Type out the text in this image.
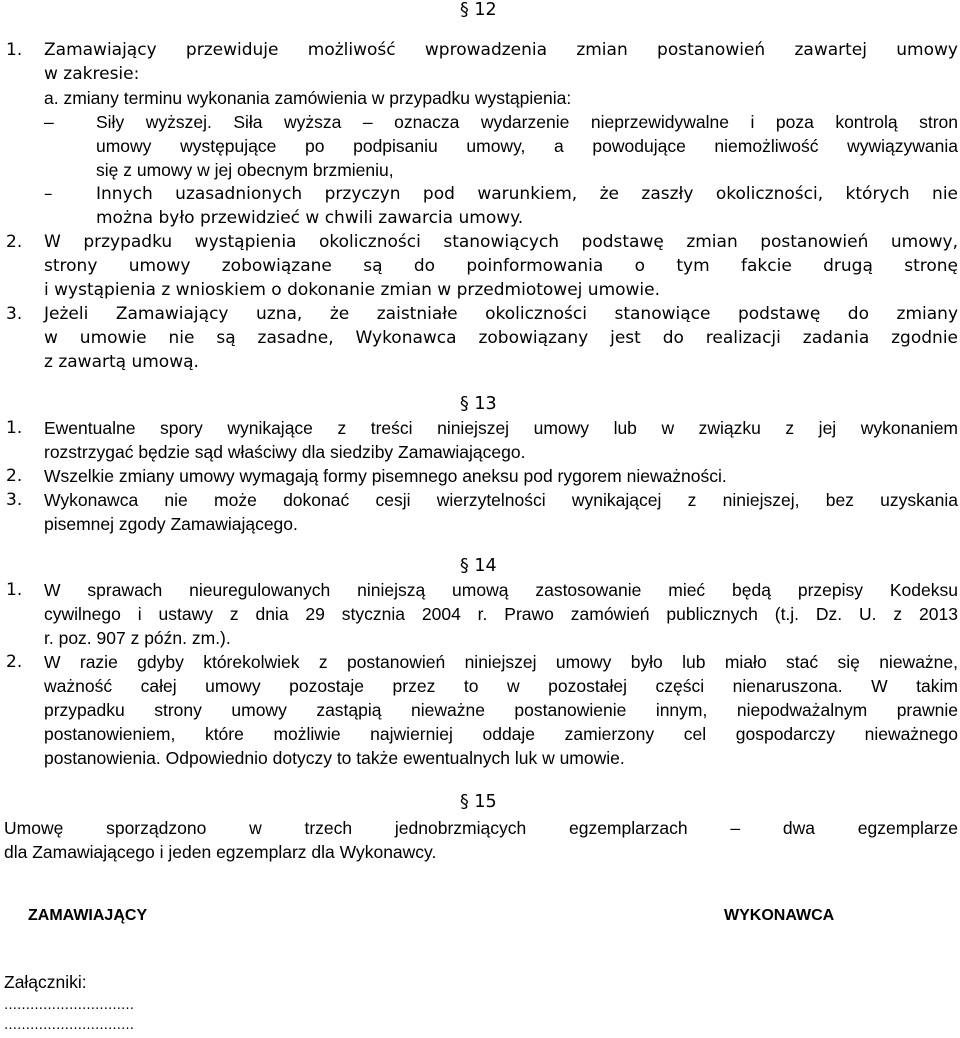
§ 12
1. Zamawiający przewiduje możliwość wprowadzenia zmian postanowień zawartej umowy
w zakresie:
a. zmiany terminu wykonania zamówienia w przypadku wystąpienia:
– Siły wyższej. Siła wyższa – oznacza wydarzenie nieprzewidywalne i poza kontrolą stron
umowy występujące po podpisaniu umowy, a powodujące niemożliwość wywiązywania
się z umowy w jej obecnym brzmieniu,
–	Innych uzasadnionych przyczyn pod warunkiem, że zaszły okoliczności, których nie
można było przewidzieć w chwili zawarcia umowy.
2. W przypadku wystąpienia okoliczności stanowiących podstawę zmian postanowień umowy,
strony umowy zobowiązane są do poinformowania o tym fakcie drugą stronę
i wystąpienia z wnioskiem o dokonanie zmian w przedmiotowej umowie.
3. Jeżeli Zamawiający uzna, że zaistniałe okoliczności stanowiące podstawę do zmiany
w umowie nie są zasadne, Wykonawca zobowiązany jest do realizacji zadania zgodnie
z zawartą umową.
§ 13
1. Ewentualne spory wynikające z treści niniejszej umowy lub w związku z jej wykonaniem
rozstrzygać będzie sąd właściwy dla siedziby Zamawiającego.
2. Wszelkie zmiany umowy wymagają formy pisemnego aneksu pod rygorem nieważności.
3. Wykonawca nie może dokonać cesji wierzytelności wynikającej z niniejszej, bez uzyskania
pisemnej zgody Zamawiającego.
§ 14
1. W sprawach nieuregulowanych niniejszą umową zastosowanie mieć będą przepisy Kodeksu
cywilnego i ustawy z dnia 29 stycznia 2004 r. Prawo zamówień publicznych (t.j. Dz. U. z 2013
r. poz. 907 z późn. zm.).
2. W razie gdyby którekolwiek z postanowień niniejszej umowy było lub miało stać się nieważne,
ważność całej umowy pozostaje przez to w pozostałej części nienaruszona. W takim
przypadku strony umowy zastąpią nieważne postanowienie innym, niepodważalnym prawnie
postanowieniem, które możliwie najwierniej oddaje zamierzony cel gospodarczy nieważnego
postanowienia. Odpowiednio dotyczy to także ewentualnych luk w umowie.
§ 15
Umowę sporządzono w trzech jednobrzmiących egzemplarzach – dwa egzemplarze
dla Zamawiającego i jeden egzemplarz dla Wykonawcy.
ZAMAWIAJĄCY	WYKONAWCA
Załączniki:
…………………………
…………………………
